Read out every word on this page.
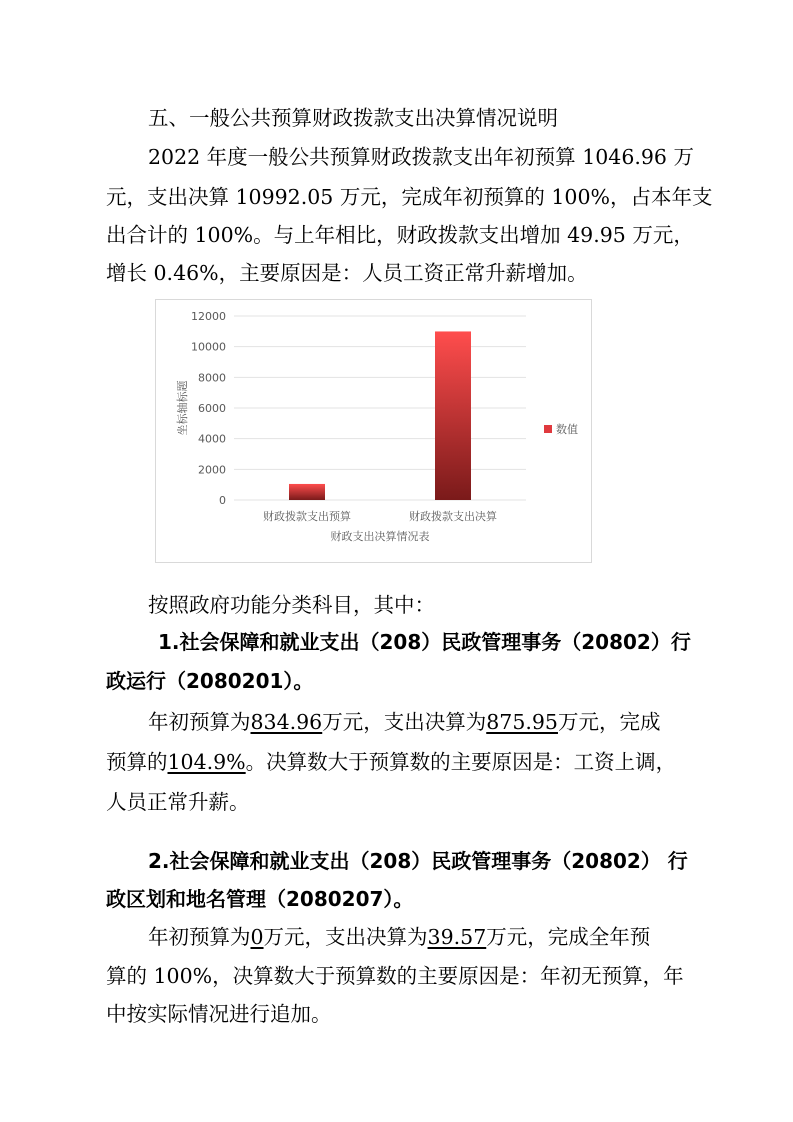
五、一般公共预算财政拨款支出决算情况说明
2022 年度一般公共预算财政拨款支出年初预算 1046.96 万
元，支出决算 10992.05 万元，完成年初预算的 100%，占本年支
出合计的 100%。与上年相比，财政拨款支出增加 49.95 万元，
增长 0.46%，主要原因是：人员工资正常升薪增加。
0
2000
4000
6000
8000
10000
12000
财政拨款支出预算	财政拨款支出决算
财政支出决算情况表
坐标轴标题	数值
按照政府功能分类科目，其中：
1.社会保障和就业支出（208）民政管理事务（20802）行
政运行（2080201）。
年初预算为834.96万元，支出决算为875.95万元，完成
预算的104.9%。决算数大于预算数的主要原因是：工资上调，
人员正常升薪。
2.社会保障和就业支出（208）民政管理事务（20802） 行
政区划和地名管理（2080207）。
年初预算为0万元，支出决算为39.57万元，完成全年预
算的 100%，决算数大于预算数的主要原因是：年初无预算，年
中按实际情况进行追加。
